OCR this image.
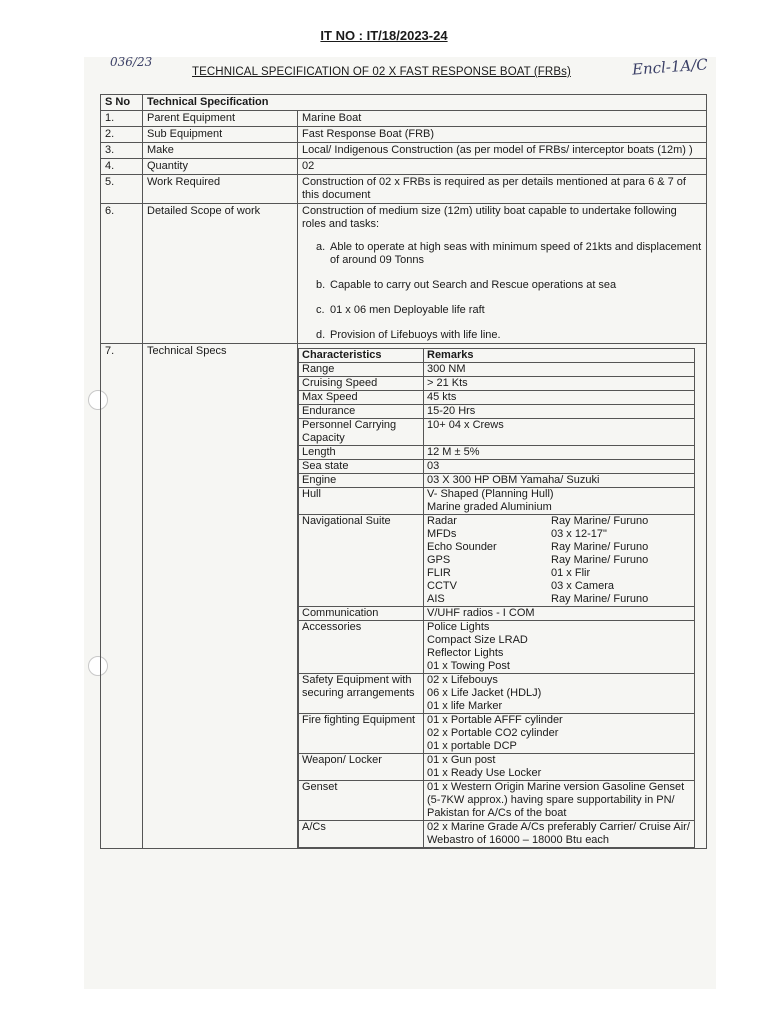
IT NO : IT/18/2023-24
036/23	Encl-1A/C
TECHNICAL SPECIFICATION OF 02 X FAST RESPONSE BOAT (FRBs)
S No	Technical Specification
1.	Parent Equipment	Marine Boat
2.	Sub Equipment	Fast Response Boat (FRB)
3.	Make	Local/ Indigenous Construction (as per model of FRBs/ interceptor boats (12m) )
4.	Quantity	02
5.	Work Required	Construction of 02 x FRBs is required as per details mentioned at para 6 & 7 of this document
6.	Detailed Scope of work	Construction of medium size (12m) utility boat capable to undertake following roles and tasks:
a. Able to operate at high seas with minimum speed of 21kts and displacement of around 09 Tonns
b. Capable to carry out Search and Rescue operations at sea
c. 01 x 06 men Deployable life raft
d. Provision of Lifebuoys with life line.

7.	Technical Specs		Characteristics	Remarks
Range	300 NM
Cruising Speed	> 21 Kts
Max Speed	45 kts
Endurance	15-20 Hrs
Personnel Carrying Capacity	10+ 04 x Crews
Length	12 M ± 5%
Sea state	03
Engine	03 X 300 HP OBM Yamaha/ Suzuki
Hull	V- Shaped (Planning Hull)
Marine graded Aluminium
Navigational Suite	Radar	Ray Marine/ Furuno
MFDs	03 x 12-17"
Echo Sounder	Ray Marine/ Furuno
GPS	Ray Marine/ Furuno
FLIR	01 x Flir
CCTV	03 x Camera
AIS	Ray Marine/ Furuno

Communication	V/UHF radios - I COM
Accessories	Police Lights
Compact Size LRAD
Reflector Lights
01 x Towing Post
Safety Equipment with securing arrangements	02 x Lifebouys
06 x Life Jacket (HDLJ)
01 x life Marker
Fire fighting Equipment	01 x Portable AFFF cylinder
02 x Portable CO2 cylinder
01 x portable DCP
Weapon/ Locker	01 x Gun post
01 x Ready Use Locker
Genset	01 x Western Origin Marine version Gasoline Genset (5-7KW approx.) having spare supportability in PN/ Pakistan for A/Cs of the boat
A/Cs	02 x Marine Grade A/Cs preferably Carrier/ Cruise Air/ Webastro of 16000 – 18000 Btu each
